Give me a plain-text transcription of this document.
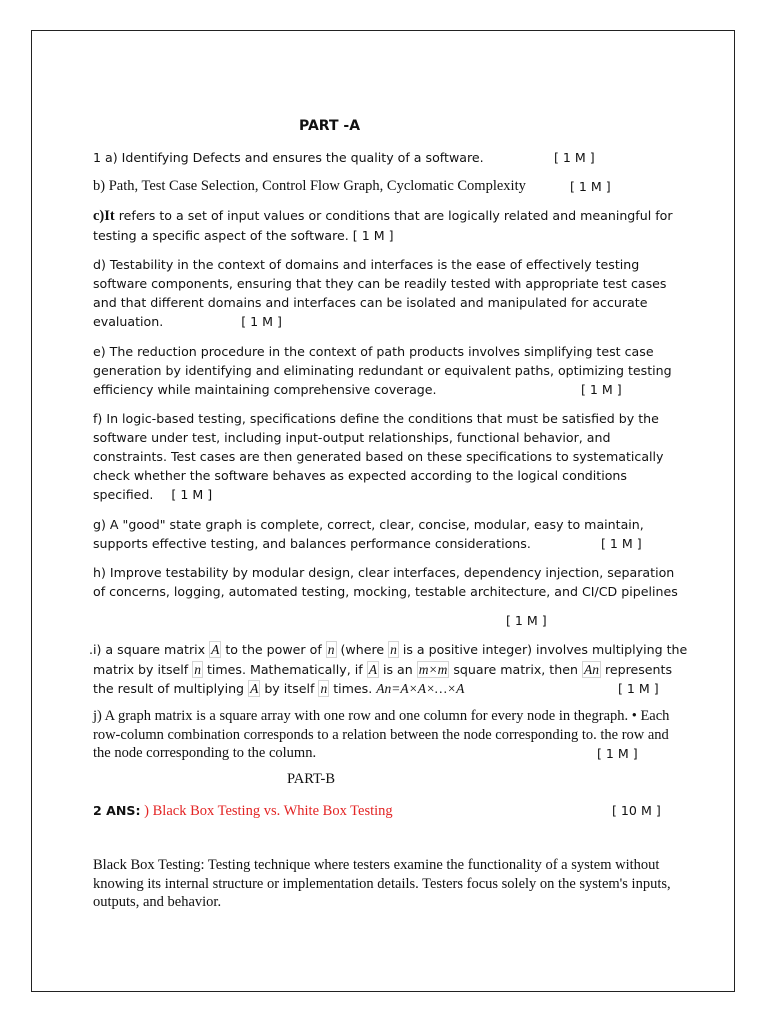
PART -A
1 a) Identifying Defects and ensures the quality of a software.	[ 1 M ]
b) Path, Test Case Selection, Control Flow Graph, Cyclomatic Complexity	[ 1 M ]
c)It refers to a set of input values or conditions that are logically related and meaningful for testing a specific aspect of the software. [ 1 M ]
d) Testability in the context of domains and interfaces is the ease of effectively testing software components, ensuring that they can be readily tested with appropriate test cases and that different domains and interfaces can be isolated and manipulated for accurate evaluation.	[ 1 M ]
e) The reduction procedure in the context of path products involves simplifying test case generation by identifying and eliminating redundant or equivalent paths, optimizing testing efficiency while maintaining comprehensive coverage.	[ 1 M ]
f) In logic-based testing, specifications define the conditions that must be satisfied by the software under test, including input-output relationships, functional behavior, and constraints. Test cases are then generated based on these specifications to systematically check whether the software behaves as expected according to the logical conditions specified. [ 1 M ]
g) A "good" state graph is complete, correct, clear, concise, modular, easy to maintain, supports effective testing, and balances performance considerations.	[ 1 M ]
h) Improve testability by modular design, clear interfaces, dependency injection, separation of concerns, logging, automated testing, mocking, testable architecture, and CI/CD pipelines
[ 1 M ]
.i) a square matrix A to the power of n (where n is a positive integer) involves multiplying the
matrix by itself n times. Mathematically, if A is an m×m square matrix, then An represents
the result of multiplying A by itself n times. An=A×A×…×A	[ 1 M ]
j) A graph matrix is a square array with one row and one column for every node in thegraph. • Each row-column combination corresponds to a relation between the node corresponding to. the row and the node corresponding to the column.	[ 1 M ]
PART-B
2 ANS: ) Black Box Testing vs. White Box Testing	[ 10 M ]
Black Box Testing: Testing technique where testers examine the functionality of a system without knowing its internal structure or implementation details. Testers focus solely on the system's inputs, outputs, and behavior.
